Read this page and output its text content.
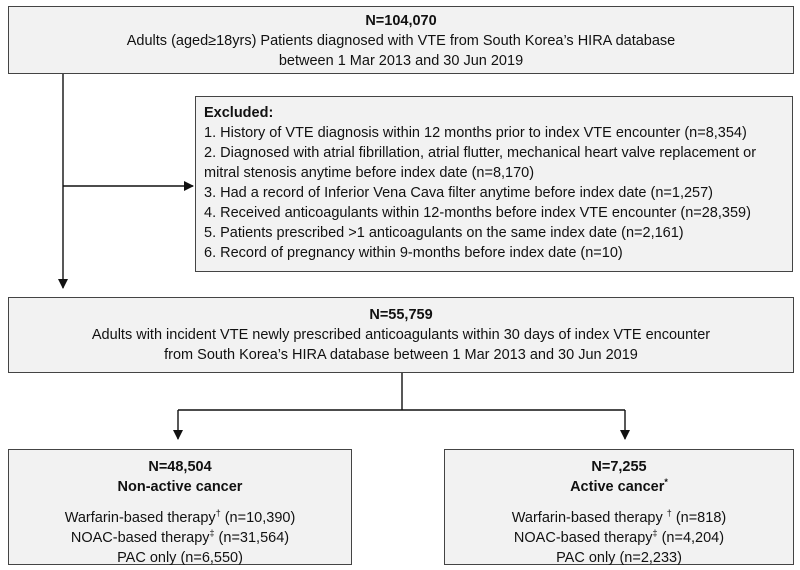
N=104,070
Adults (aged≥18yrs) Patients diagnosed with VTE from South Korea’s HIRA database
between 1 Mar 2013 and 30 Jun 2019
Excluded:
1. History of VTE diagnosis within 12 months prior to index VTE encounter (n=8,354)
2. Diagnosed with atrial fibrillation, atrial flutter, mechanical heart valve replacement or mitral stenosis anytime before index date (n=8,170)
3. Had a record of Inferior Vena Cava filter anytime before index date (n=1,257)
4. Received anticoagulants within 12-months before index VTE encounter (n=28,359)
5. Patients prescribed >1 anticoagulants on the same index date (n=2,161)
6. Record of pregnancy within 9-months before index date (n=10)
N=55,759
Adults with incident VTE newly prescribed anticoagulants within 30 days of index VTE encounter
from South Korea’s HIRA database between 1 Mar 2013 and 30 Jun 2019
N=48,504
Non-active cancer
Warfarin-based therapy† (n=10,390)
NOAC-based therapy‡ (n=31,564)
PAC only (n=6,550)
N=7,255
Active cancer*
Warfarin-based therapy † (n=818)
NOAC-based therapy‡ (n=4,204)
PAC only (n=2,233)
